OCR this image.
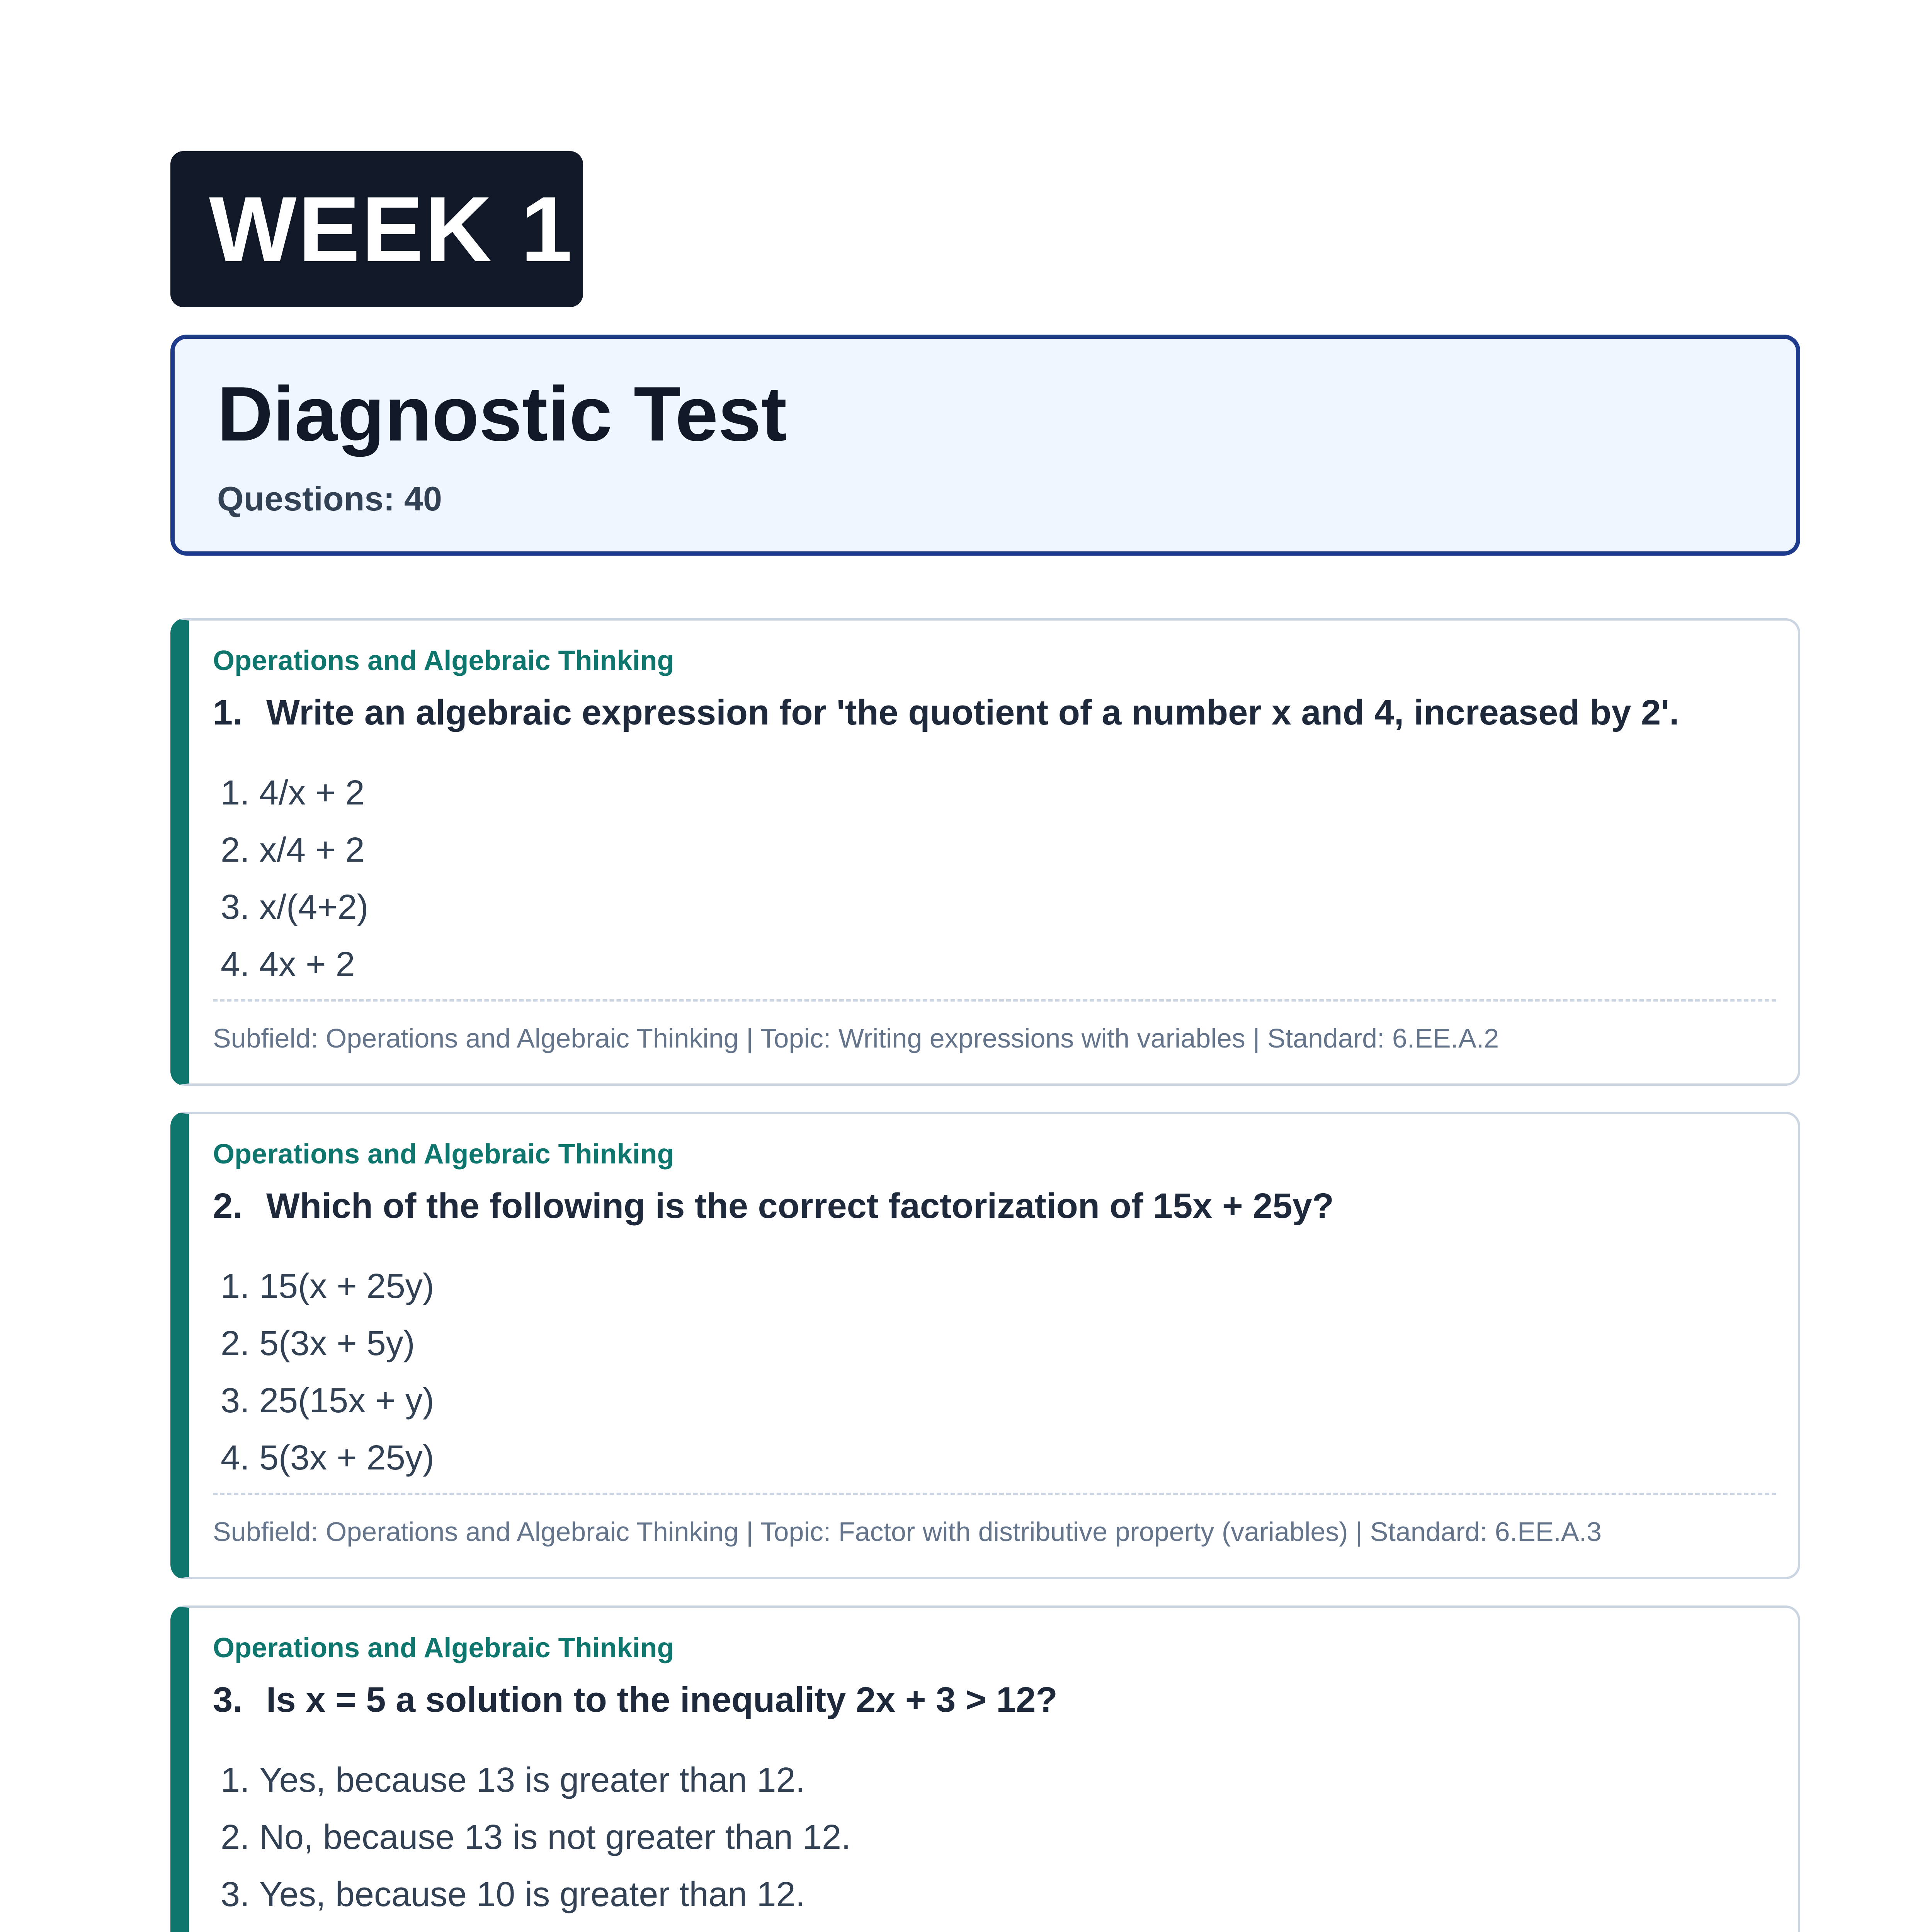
WEEK 1
Diagnostic Test
Questions: 40
Operations and Algebraic Thinking
1. Write an algebraic expression for 'the quotient of a number x and 4, increased by 2'.
1. 4/x + 2
2. x/4 + 2
3. x/(4+2)
4. 4x + 2
Subfield: Operations and Algebraic Thinking | Topic: Writing expressions with variables | Standard: 6.EE.A.2
Operations and Algebraic Thinking
2. Which of the following is the correct factorization of 15x + 25y?
1. 15(x + 25y)
2. 5(3x + 5y)
3. 25(15x + y)
4. 5(3x + 25y)
Subfield: Operations and Algebraic Thinking | Topic: Factor with distributive property (variables) | Standard: 6.EE.A.3
Operations and Algebraic Thinking
3. Is x = 5 a solution to the inequality 2x + 3 > 12?
1. Yes, because 13 is greater than 12.
2. No, because 13 is not greater than 12.
3. Yes, because 10 is greater than 12.
